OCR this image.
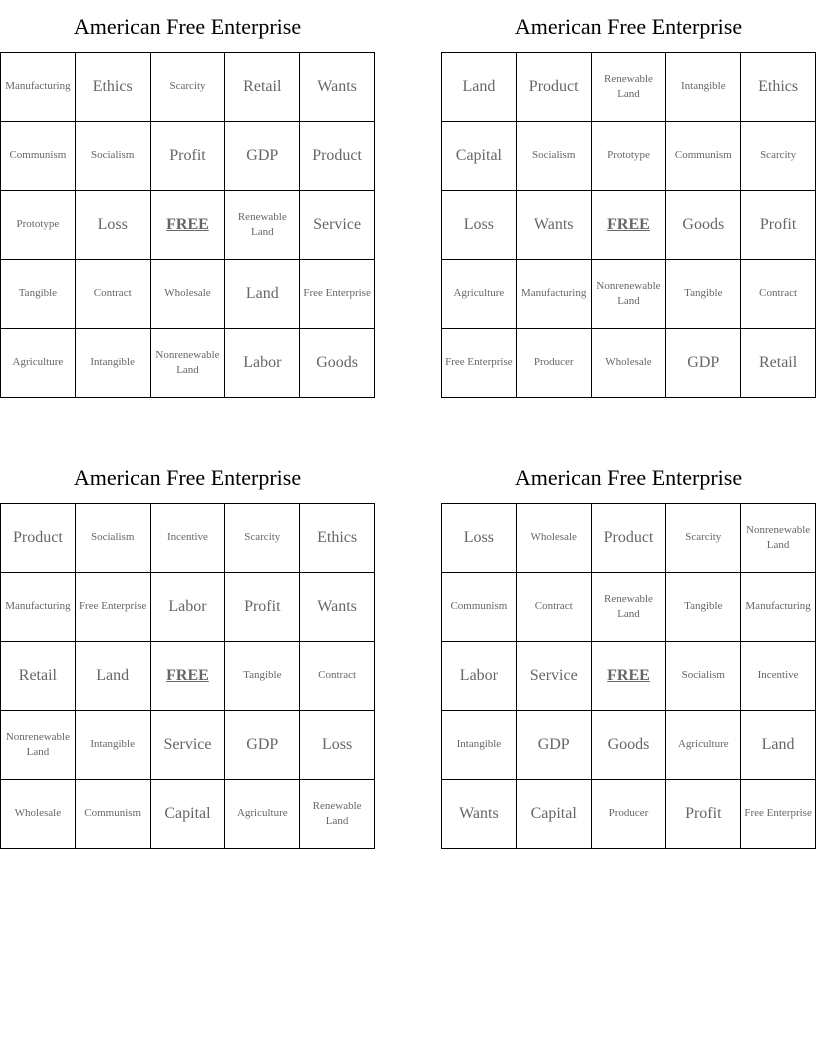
American Free Enterprise
Manufacturing	Ethics	Scarcity	Retail	Wants
Communism	Socialism	Profit	GDP	Product
Prototype	Loss	FREE	Renewable Land	Service
Tangible	Contract	Wholesale	Land	Free Enterprise
Agriculture	Intangible	Nonrenewable Land	Labor	Goods
American Free Enterprise
Land	Product	Renewable Land	Intangible	Ethics
Capital	Socialism	Prototype	Communism	Scarcity
Loss	Wants	FREE	Goods	Profit
Agriculture	Manufacturing	Nonrenewable Land	Tangible	Contract
Free Enterprise	Producer	Wholesale	GDP	Retail
American Free Enterprise
Product	Socialism	Incentive	Scarcity	Ethics
Manufacturing	Free Enterprise	Labor	Profit	Wants
Retail	Land	FREE	Tangible	Contract
Nonrenewable Land	Intangible	Service	GDP	Loss
Wholesale	Communism	Capital	Agriculture	Renewable Land
American Free Enterprise
Loss	Wholesale	Product	Scarcity	Nonrenewable Land
Communism	Contract	Renewable Land	Tangible	Manufacturing
Labor	Service	FREE	Socialism	Incentive
Intangible	GDP	Goods	Agriculture	Land
Wants	Capital	Producer	Profit	Free Enterprise
